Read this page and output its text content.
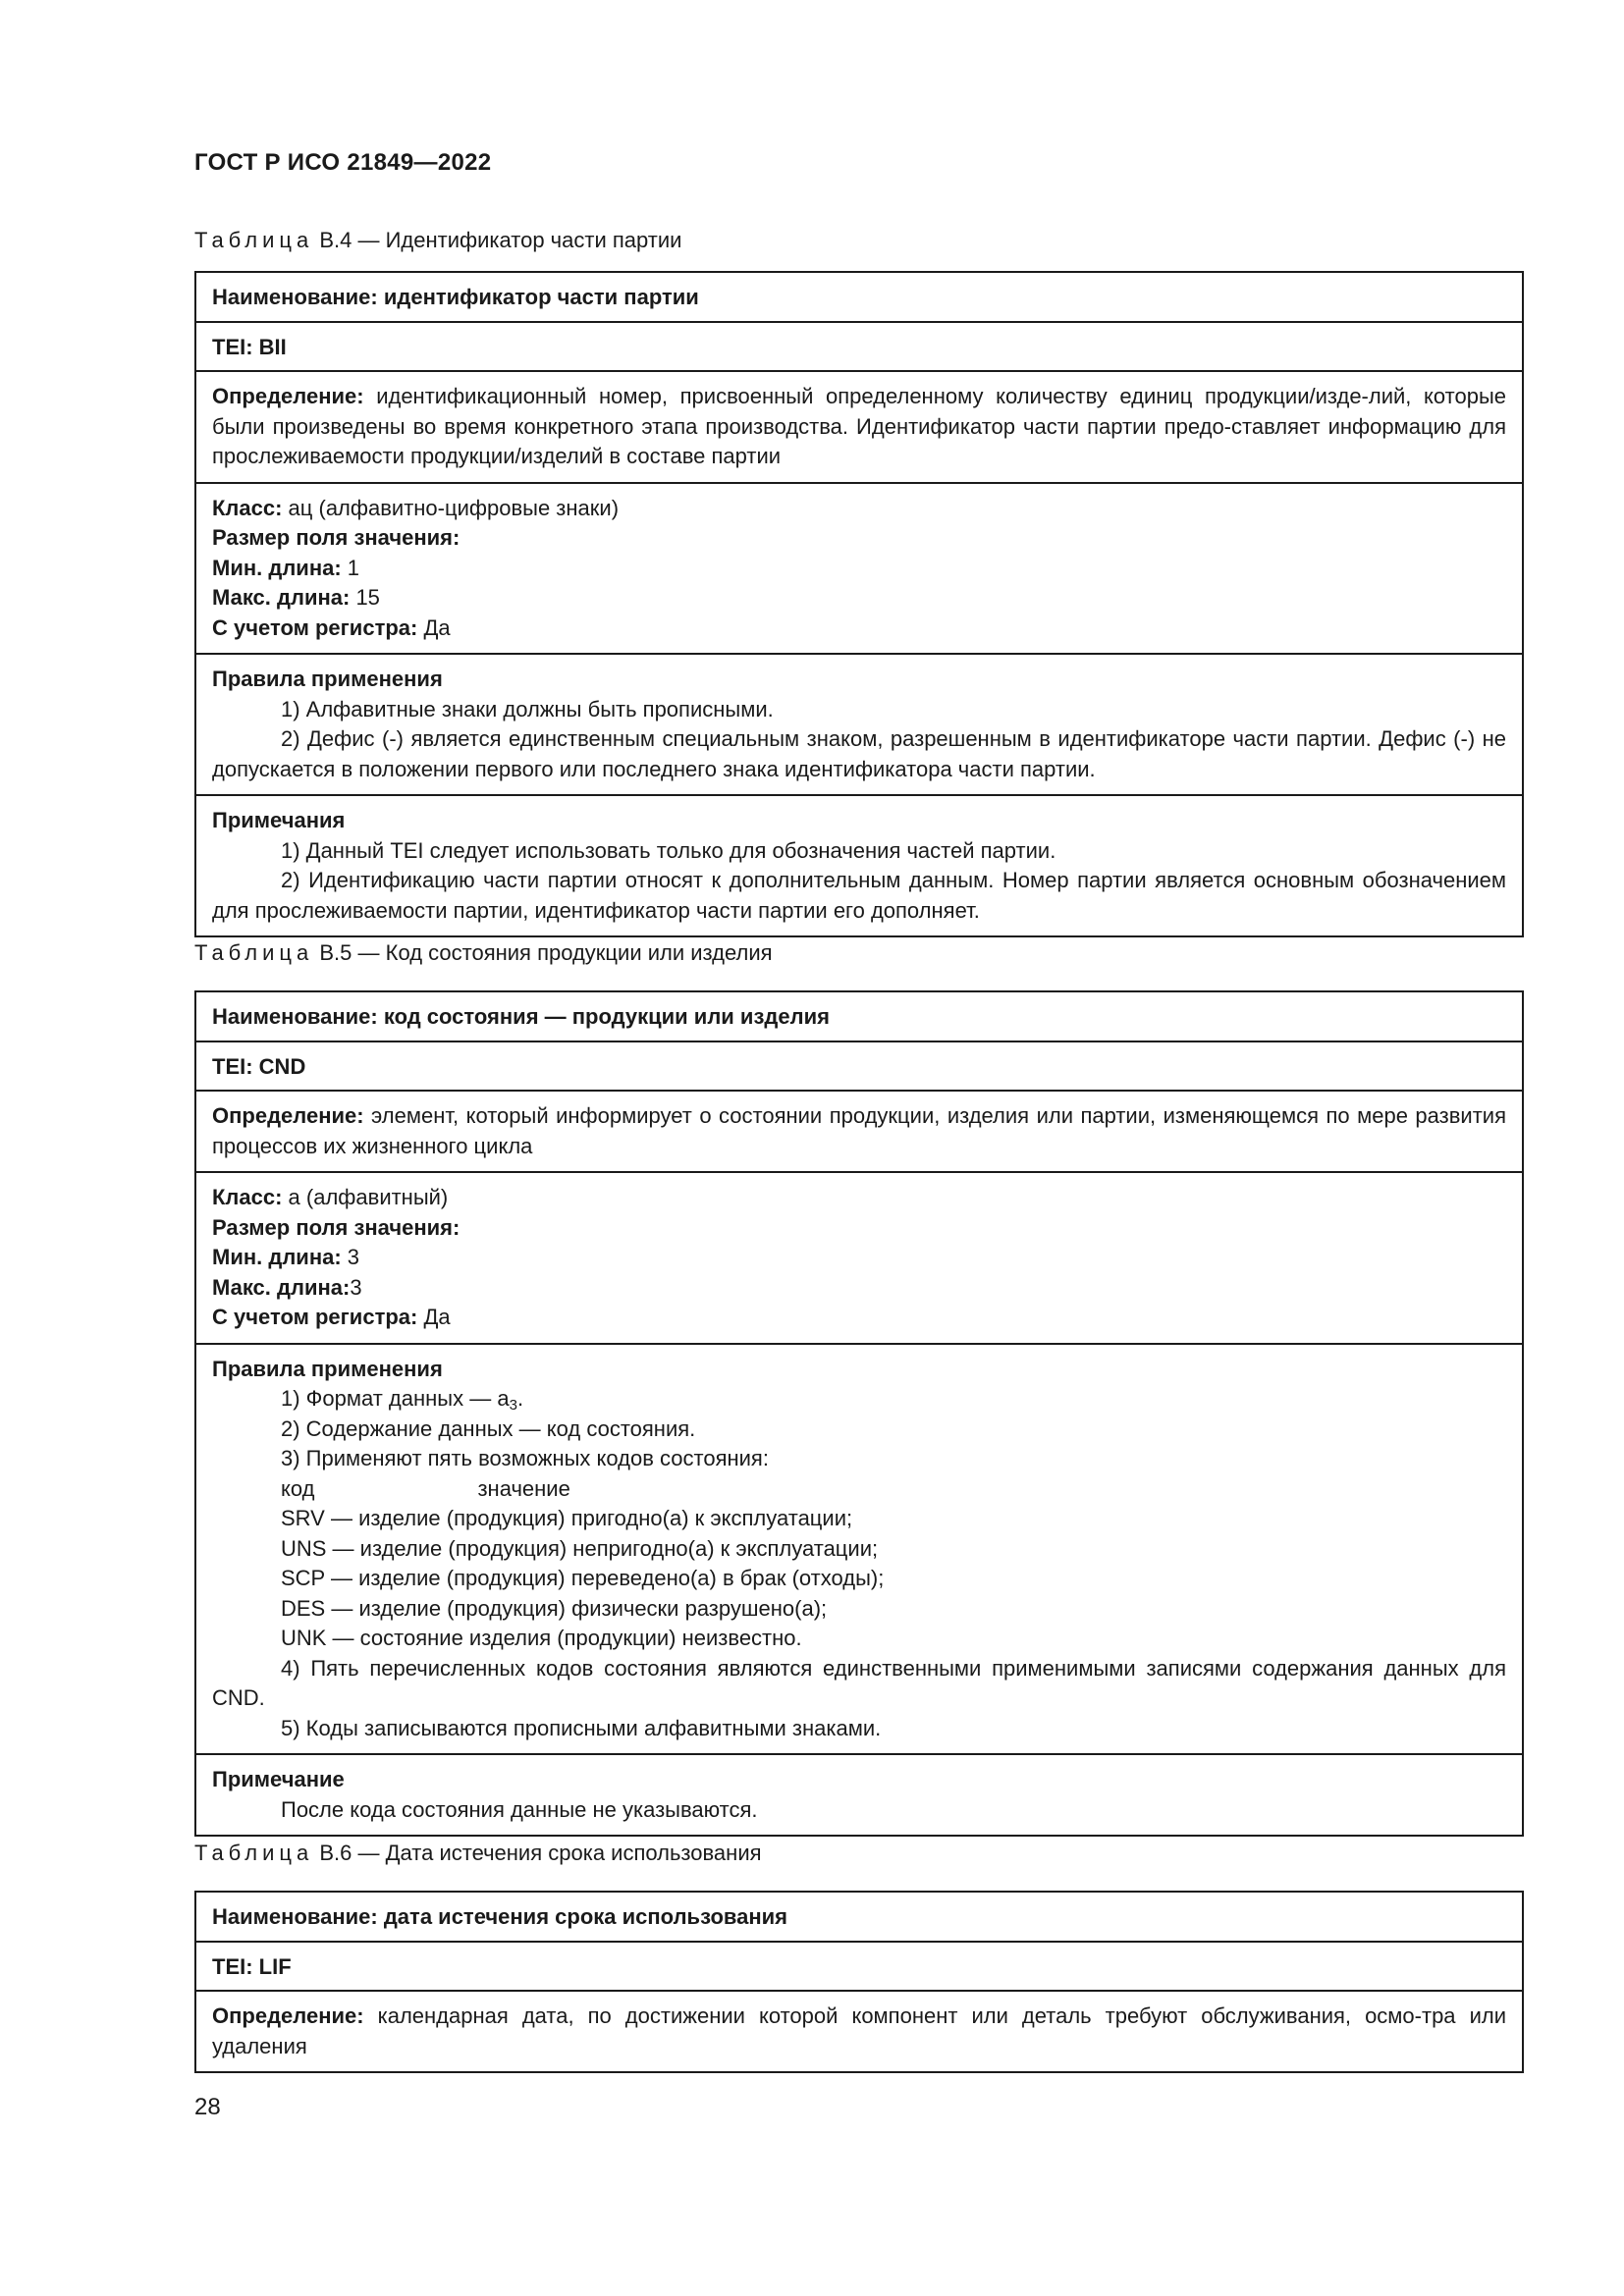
ГОСТ Р ИСО 21849—2022
Таблица В.4 — Идентификатор части партии
Наименование: идентификатор части партии
TEI: BII
Определение: идентификационный номер, присвоенный определенному количеству единиц продукции/изде-лий, которые были произведены во время конкретного этапа производства. Идентификатор части партии предо-ставляет информацию для прослеживаемости продукции/изделий в составе партии
Класс: ац (алфавитно-цифровые знаки)
Размер поля значения:
Мин. длина: 1
Макс. длина: 15
С учетом регистра: Да
Правила применения
1) Алфавитные знаки должны быть прописными.
2) Дефис (-) является единственным специальным знаком, разрешенным в идентификаторе части партии. Дефис (-) не допускается в положении первого или последнего знака идентификатора части партии.
Примечания
1) Данный TEI следует использовать только для обозначения частей партии.
2) Идентификацию части партии относят к дополнительным данным. Номер партии является основным обозначением для прослеживаемости партии, идентификатор части партии его дополняет.
Таблица В.5 — Код состояния продукции или изделия
Наименование: код состояния — продукции или изделия
TEI: CND
Определение: элемент, который информирует о состоянии продукции, изделия или партии, изменяющемся по мере развития процессов их жизненного цикла
Класс: а (алфавитный)
Размер поля значения:
Мин. длина: 3
Макс. длина:3
С учетом регистра: Да
Правила применения
1) Формат данных — $а_3$.
2) Содержание данных — код состояния.
3) Применяют пять возможных кодов состояния:
код	значение
SRV — изделие (продукция) пригодно(а) к эксплуатации;
UNS — изделие (продукция) непригодно(а) к эксплуатации;
SCP — изделие (продукция) переведено(а) в брак (отходы);
DES — изделие (продукция) физически разрушено(а);
UNK — состояние изделия (продукции) неизвестно.
4) Пять перечисленных кодов состояния являются единственными применимыми записями содержания данных для CND.
5) Коды записываются прописными алфавитными знаками.
Примечание
После кода состояния данные не указываются.
Таблица В.6 — Дата истечения срока использования
Наименование: дата истечения срока использования
TEI: LIF
Определение: календарная дата, по достижении которой компонент или деталь требуют обслуживания, осмо-тра или удаления
28
